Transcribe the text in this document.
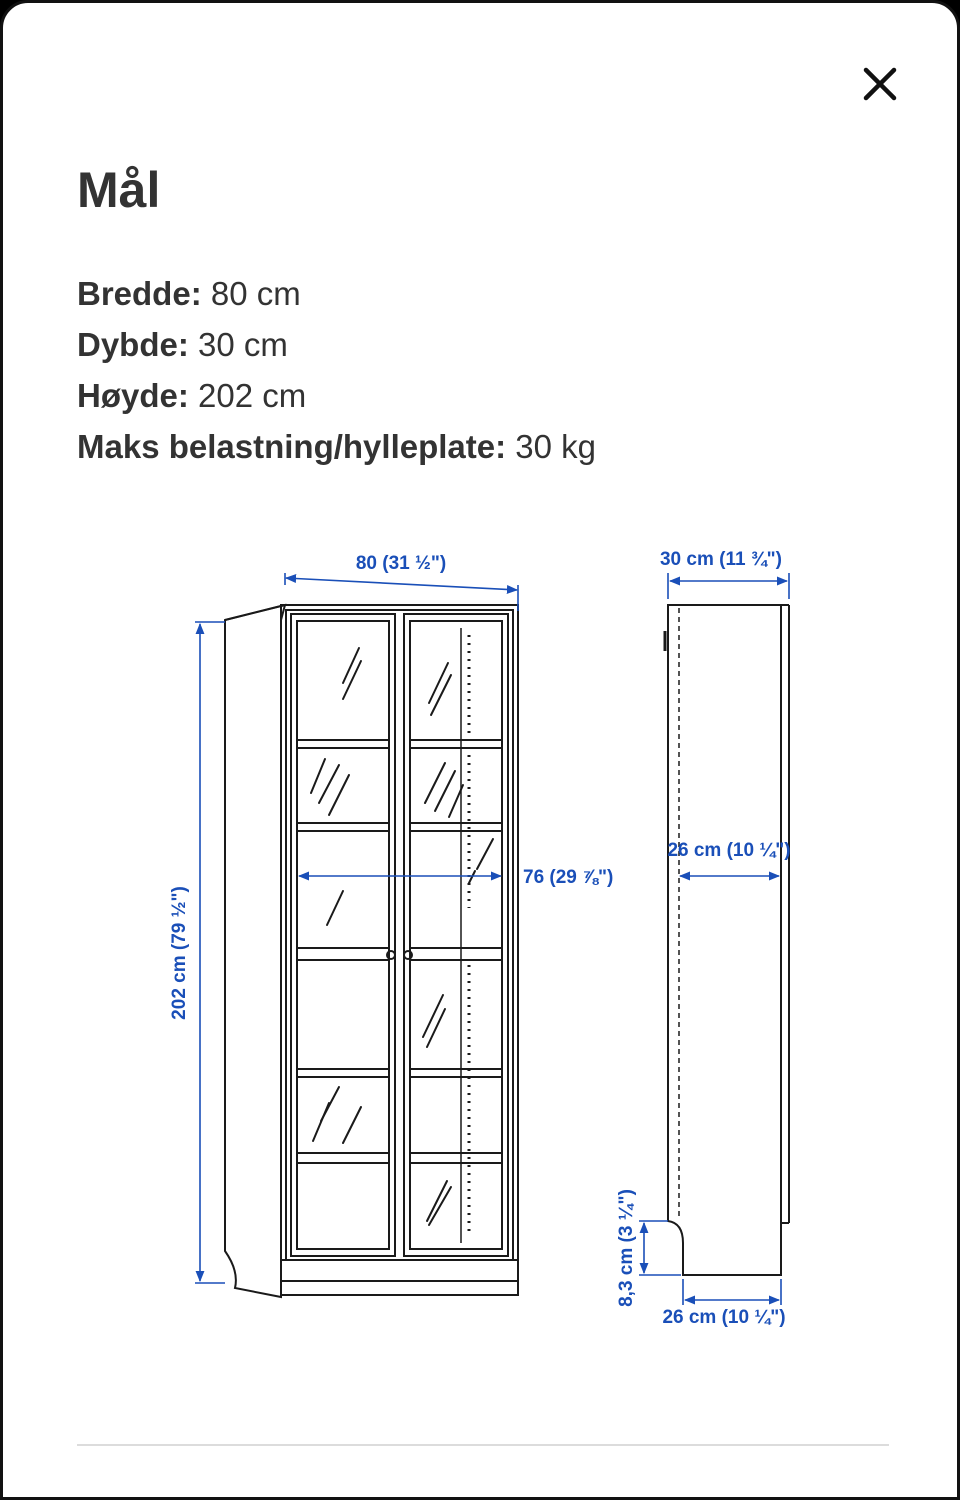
Mål
Bredde: 80 cm
Dybde: 30 cm
Høyde: 202 cm
Maks belastning/hylleplate: 30 kg
80 (31 ½")
76 (29 ⅞")
202 cm (79 ½")
30 cm (11 ¾")
26 cm (10 ¼")
8,3 cm (3 ¼")
26 cm (10 ¼")
